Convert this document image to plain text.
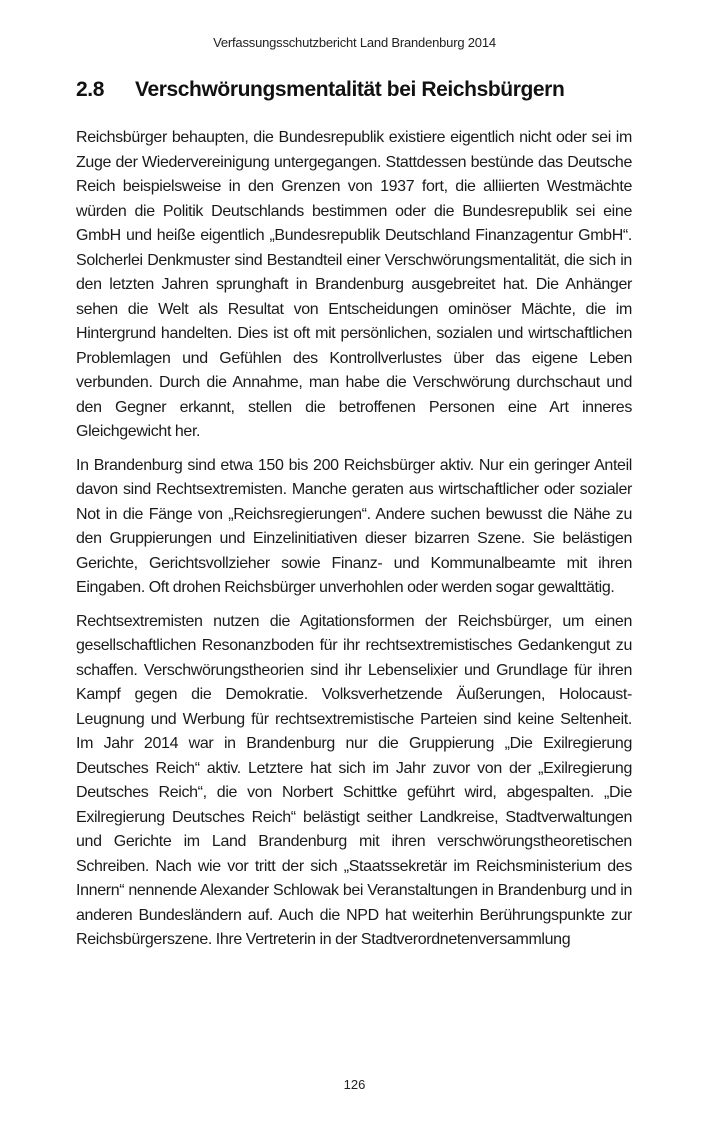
Verfassungsschutzbericht Land Brandenburg 2014
2.8 Verschwörungsmentalität bei Reichsbürgern

Reichsbürger behaupten, die Bundesrepublik existiere eigentlich nicht oder sei im Zuge der Wiedervereinigung untergegangen. Stattdessen bestünde das Deutsche Reich beispielsweise in den Grenzen von 1937 fort, die alliierten Westmächte würden die Politik Deutschlands bestimmen oder die Bundesrepublik sei eine GmbH und heiße eigentlich „Bundesrepublik Deutschland Finanzagentur GmbH“. Solcherlei Denkmuster sind Bestandteil einer Verschwörungsmentalität, die sich in den letzten Jahren sprunghaft in Brandenburg ausgebreitet hat. Die Anhänger sehen die Welt als Resultat von Entscheidungen ominöser Mächte, die im Hintergrund handelten. Dies ist oft mit persönlichen, sozialen und wirtschaftlichen Problemlagen und Gefühlen des Kontrollverlustes über das eigene Leben verbunden. Durch die Annahme, man habe die Verschwörung durchschaut und den Gegner erkannt, stellen die betroffenen Personen eine Art inneres Gleichgewicht her.

In Brandenburg sind etwa 150 bis 200 Reichsbürger aktiv. Nur ein geringer Anteil davon sind Rechtsextremisten. Manche geraten aus wirtschaftlicher oder sozialer Not in die Fänge von „Reichsregierungen“. Andere suchen bewusst die Nähe zu den Gruppierungen und Einzelinitiativen dieser bizarren Szene. Sie belästigen Gerichte, Gerichtsvollzieher sowie Finanz- und Kommunalbeamte mit ihren Eingaben. Oft drohen Reichsbürger unverhohlen oder werden sogar gewalttätig.

Rechtsextremisten nutzen die Agitationsformen der Reichsbürger, um einen gesellschaftlichen Resonanzboden für ihr rechtsextremistisches Gedankengut zu schaffen. Verschwörungstheorien sind ihr Lebenselixier und Grundlage für ihren Kampf gegen die Demokratie. Volksverhetzende Äußerungen, Holocaust-Leugnung und Werbung für rechtsextremistische Parteien sind keine Seltenheit. Im Jahr 2014 war in Brandenburg nur die Gruppierung „Die Exilregierung Deutsches Reich“ aktiv. Letztere hat sich im Jahr zuvor von der „Exilregierung Deutsches Reich“, die von Norbert Schittke geführt wird, abgespalten. „Die Exilregierung Deutsches Reich“ belästigt seither Landkreise, Stadtverwaltungen und Gerichte im Land Brandenburg mit ihren verschwörungstheoretischen Schreiben. Nach wie vor tritt der sich „Staatssekretär im Reichsministerium des Innern“ nennende Alexander Schlowak bei Veranstaltungen in Brandenburg und in anderen Bundesländern auf. Auch die NPD hat weiterhin Berührungspunkte zur Reichsbürgerszene. Ihre Vertreterin in der Stadtverordnetenversammlung

126
